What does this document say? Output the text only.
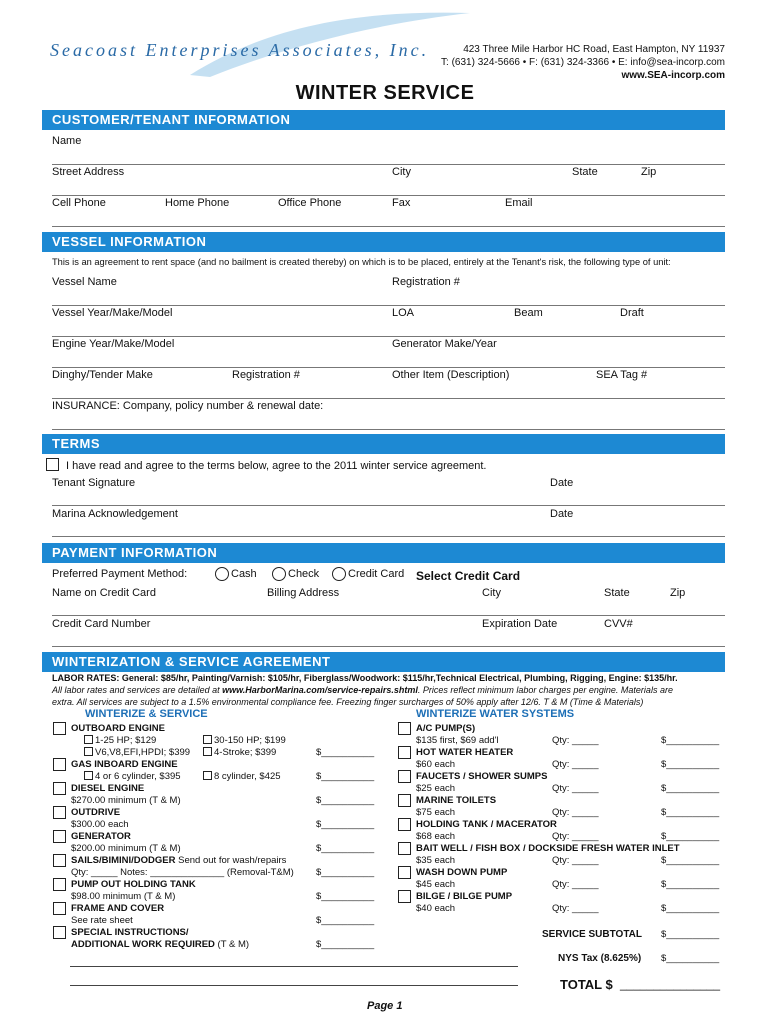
Seacoast Enterprises Associates, Inc.	423 Three Mile Harbor HC Road, East Hampton, NY 11937
T: (631) 324-5666 • F: (631) 324-3366 • E: info@sea-incorp.com
www.SEA-incorp.com
WINTER SERVICE
CUSTOMER/TENANT INFORMATION
Name
Street Address	City	State	Zip
Cell Phone	Home Phone	Office Phone	Fax	Email
VESSEL INFORMATION
This is an agreement to rent space (and no bailment is created thereby) on which is to be placed, entirely at the Tenant's risk, the following type of unit:
Vessel Name	Registration #
Vessel Year/Make/Model	LOA	Beam	Draft
Engine Year/Make/Model	Generator Make/Year
Dinghy/Tender Make	Registration #	Other Item (Description)	SEA Tag #
INSURANCE: Company, policy number & renewal date:
TERMS
I have read and agree to the terms below, agree to the 2011 winter service agreement.
Tenant Signature	Date
Marina Acknowledgement	Date
PAYMENT INFORMATION
Preferred Payment Method:	Cash	Check	Credit Card Select Credit Card
Name on Credit Card	Billing Address	City	State	Zip
Credit Card Number	Expiration Date	CVV#
WINTERIZATION & SERVICE AGREEMENT
LABOR RATES: General: $85/hr, Painting/Varnish: $105/hr, Fiberglass/Woodwork: $115/hr,Technical Electrical, Plumbing, Rigging, Engine: $135/hr.
All labor rates and services are detailed at www.HarborMarina.com/service-repairs.shtml. Prices reflect minimum labor charges per engine. Materials are
extra. All services are subject to a 1.5% environmental compliance fee. Freezing finger surcharges of 50% apply after 12/6. T & M (Time & Materials)
WINTERIZE & SERVICE	WINTERIZE WATER SYSTEMS
OUTBOARD ENGINE
1-25 HP; $129	30-150 HP; $199
V6,V8,EFI,HPDI; $399	4-Stroke; $399	$__________
GAS INBOARD ENGINE
4 or 6 cylinder, $395	8 cylinder, $425	$__________
DIESEL ENGINE
$270.00 minimum (T & M)	$__________
OUTDRIVE
$300.00 each	$__________
GENERATOR
$200.00 minimum (T & M)	$__________
SAILS/BIMINI/DODGER Send out for wash/repairs
Qty: _____ Notes: ______________ (Removal-T&M) $__________
PUMP OUT HOLDING TANK
$98.00 minimum (T & M)	$__________
FRAME AND COVER
See rate sheet	$__________
SPECIAL INSTRUCTIONS/
ADDITIONAL WORK REQUIRED (T & M)	$__________
A/C PUMP(S)
$135 first, $69 add'l	Qty: _____	$__________
HOT WATER HEATER
$60 each	Qty: _____	$__________
FAUCETS / SHOWER SUMPS
$25 each	Qty: _____	$__________
MARINE TOILETS
$75 each	Qty: _____	$__________
HOLDING TANK / MACERATOR
$68 each	Qty: _____	$__________
BAIT WELL / FISH BOX / DOCKSIDE FRESH WATER INLET
$35 each	Qty: _____	$__________
WASH DOWN PUMP
$45 each	Qty: _____	$__________
BILGE / BILGE PUMP
$40 each	Qty: _____	$__________
SERVICE SUBTOTAL $__________
NYS Tax (8.625%) $__________
TOTAL $ _______________
Page 1
